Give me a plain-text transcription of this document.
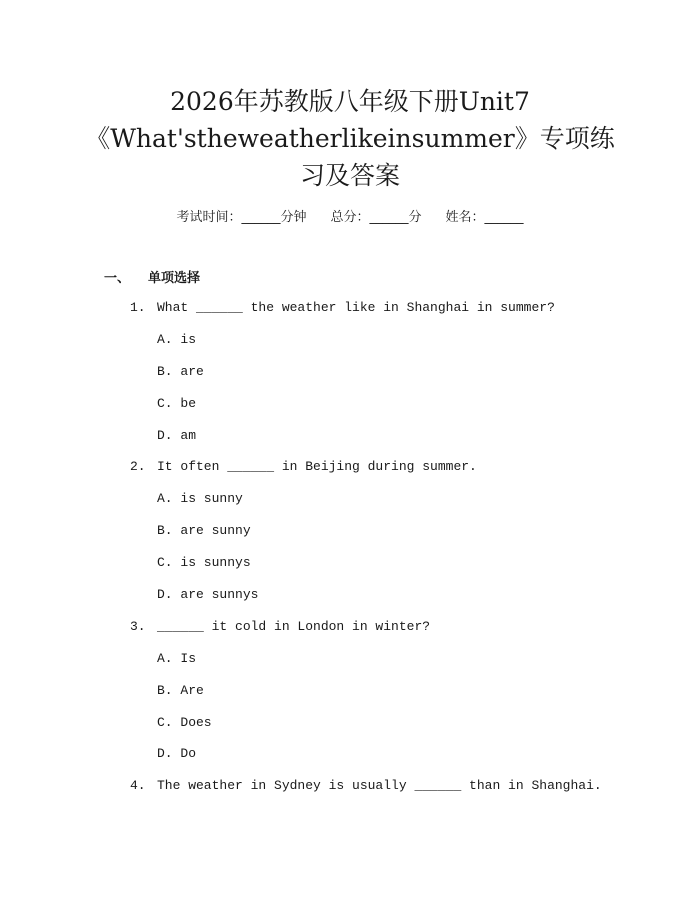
2026年苏教版八年级下册Unit7
《What'stheweatherlikeinsummer》专项练
习及答案
考试时间：______分钟 总分：______分 姓名：______
一、 单项选择
1. What ______ the weather like in Shanghai in summer?
A. is
B. are
C. be
D. am
2. It often ______ in Beijing during summer.
A. is sunny
B. are sunny
C. is sunnys
D. are sunnys
3. ______ it cold in London in winter?
A. Is
B. Are
C. Does
D. Do
4. The weather in Sydney is usually ______ than in Shanghai.
